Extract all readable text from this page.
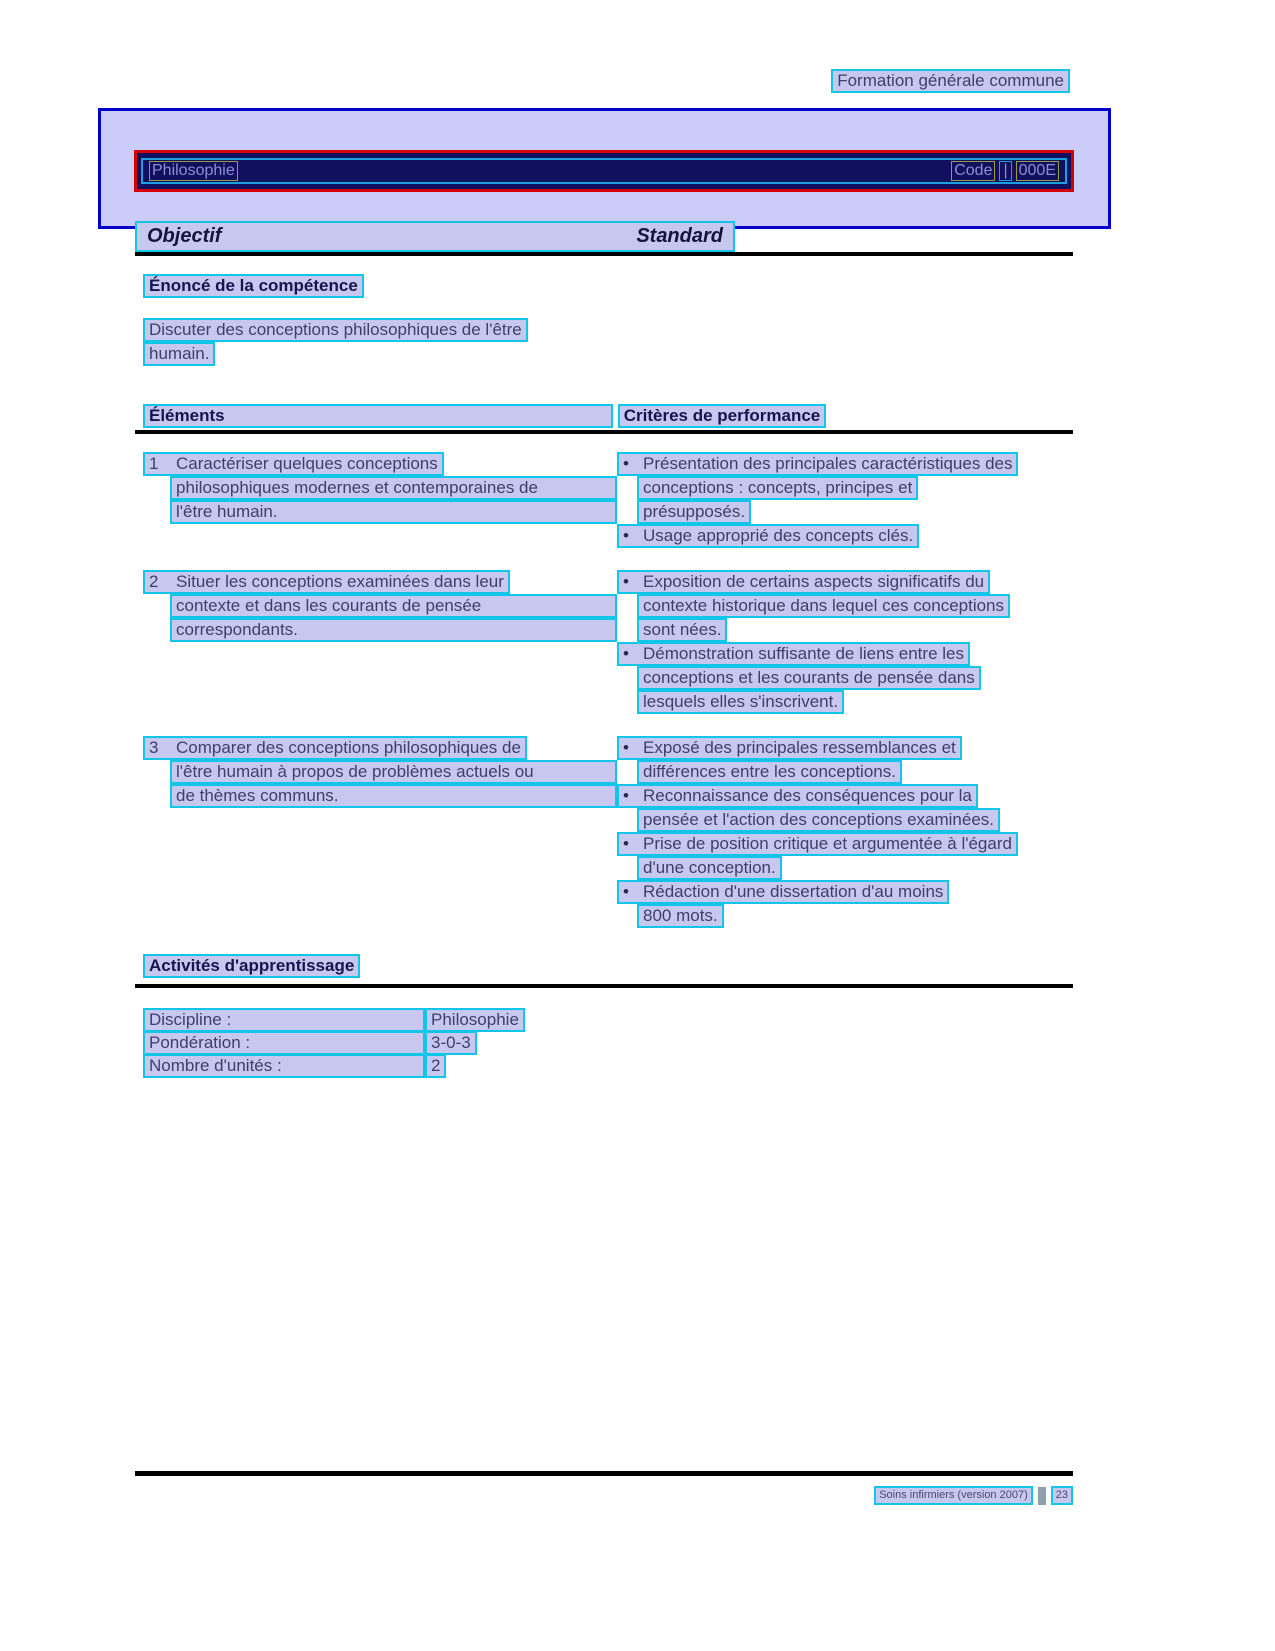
Formation générale commune
Philosophie	Code | 000E
Objectif	Standard
Énoncé de la compétence
Discuter des conceptions philosophiques de l'être
humain.
Éléments	Critères de performance
1 Caractériser quelques conceptions
philosophiques modernes et contemporaines de
l'être humain.
• Présentation des principales caractéristiques des
conceptions : concepts, principes et
présupposés.
• Usage approprié des concepts clés.
2 Situer les conceptions examinées dans leur
contexte et dans les courants de pensée
correspondants.
• Exposition de certains aspects significatifs du
contexte historique dans lequel ces conceptions
sont nées.
• Démonstration suffisante de liens entre les
conceptions et les courants de pensée dans
lesquels elles s'inscrivent.
3 Comparer des conceptions philosophiques de
l'être humain à propos de problèmes actuels ou
de thèmes communs.
• Exposé des principales ressemblances et
différences entre les conceptions.
• Reconnaissance des conséquences pour la
pensée et l'action des conceptions examinées.
• Prise de position critique et argumentée à l'égard
d'une conception.
• Rédaction d'une dissertation d'au moins
800 mots.
Activités d'apprentissage
Discipline :	Philosophie
Pondération :	3-0-3
Nombre d'unités :	2
Soins infirmiers (version 2007)	23
